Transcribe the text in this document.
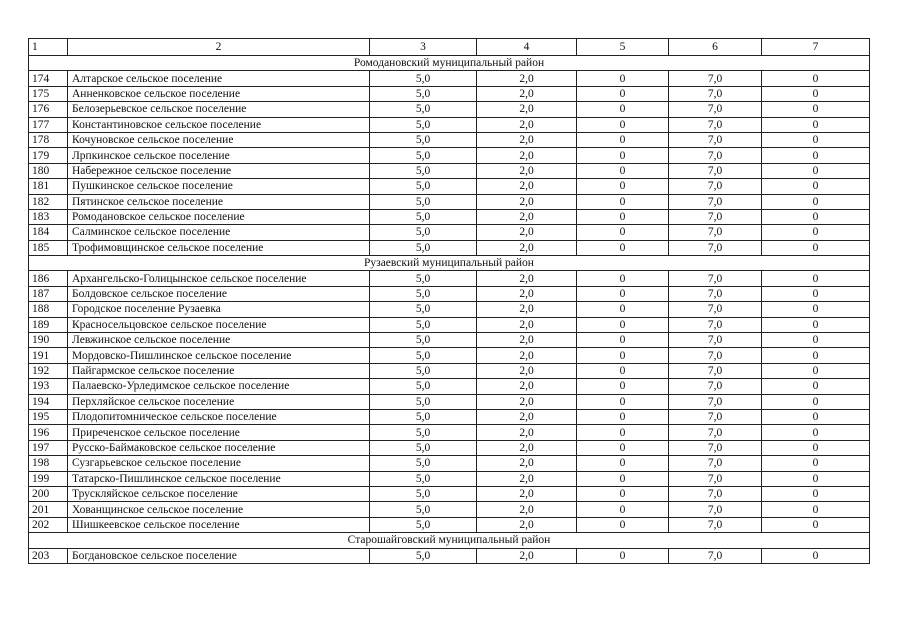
1	2	3	4	5	6	7
Ромодановский муниципальный район						
174	Алтарское сельское поселение	5,0	2,0	0	7,0	0
175	Анненковское сельское поселение	5,0	2,0	0	7,0	0
176	Белозерьевское сельское поселение	5,0	2,0	0	7,0	0
177	Константиновское сельское поселение	5,0	2,0	0	7,0	0
178	Кочуновское сельское поселение	5,0	2,0	0	7,0	0
179	Лрпкинское сельское поселение	5,0	2,0	0	7,0	0
180	Набережное сельское поселение	5,0	2,0	0	7,0	0
181	Пушкинское сельское поселение	5,0	2,0	0	7,0	0
182	Пятинское сельское поселение	5,0	2,0	0	7,0	0
183	Ромодановское сельское поселение	5,0	2,0	0	7,0	0
184	Салминское сельское поселение	5,0	2,0	0	7,0	0
185	Трофимовщинское сельское поселение	5,0	2,0	0	7,0	0
Рузаевский муниципальный район						
186	Архангельско-Голицынское сельское поселение	5,0	2,0	0	7,0	0
187	Болдовское сельское поселение	5,0	2,0	0	7,0	0
188	Городское поселение Рузаевка	5,0	2,0	0	7,0	0
189	Красносельцовское сельское поселение	5,0	2,0	0	7,0	0
190	Левжинское сельское поселение	5,0	2,0	0	7,0	0
191	Мордовско-Пишлинское сельское поселение	5,0	2,0	0	7,0	0
192	Пайгармское сельское поселение	5,0	2,0	0	7,0	0
193	Палаевско-Урледимское сельское поселение	5,0	2,0	0	7,0	0
194	Перхляйское сельское поселение	5,0	2,0	0	7,0	0
195	Плодопитомническое сельское поселение	5,0	2,0	0	7,0	0
196	Приреченское сельское поселение	5,0	2,0	0	7,0	0
197	Русско-Баймаковское сельское поселение	5,0	2,0	0	7,0	0
198	Сузгарьевское сельское поселение	5,0	2,0	0	7,0	0
199	Татарско-Пишлинское сельское поселение	5,0	2,0	0	7,0	0
200	Трускляйское сельское поселение	5,0	2,0	0	7,0	0
201	Хованщинское сельское поселение	5,0	2,0	0	7,0	0
202	Шишкеевское сельское поселение	5,0	2,0	0	7,0	0
Старошайговский муниципальный район						
203	Богдановское сельское поселение	5,0	2,0	0	7,0	0
